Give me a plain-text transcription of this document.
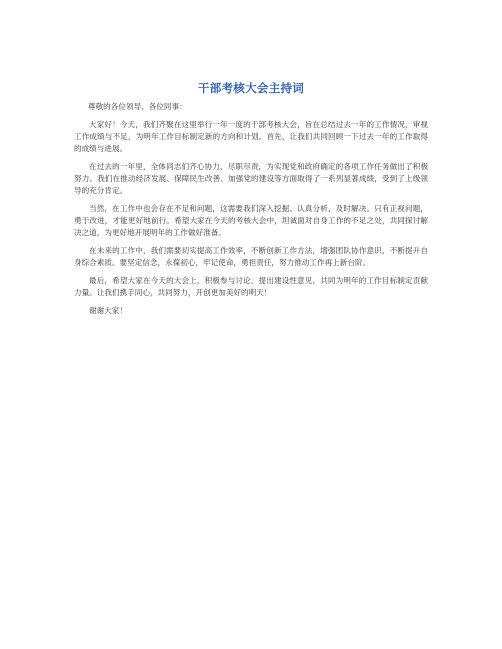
干部考核大会主持词

尊敬的各位领导、各位同事：

大家好！今天，我们齐聚在这里举行一年一度的干部考核大会，旨在总结过去一年的工作情况，审视工作成绩与不足，为明年工作目标制定新的方向和计划。首先，让我们共同回顾一下过去一年的工作取得的成绩与进展。

在过去的一年里，全体同志们齐心协力，尽职尽责，为实现党和政府确定的各项工作任务做出了积极努力。我们在推动经济发展、保障民生改善、加强党的建设等方面取得了一系列显著成绩，受到了上级领导的充分肯定。

当然，在工作中也会存在不足和问题，这需要我们深入挖掘、认真分析、及时解决。只有正视问题，勇于改进，才能更好地前行。希望大家在今天的考核大会中，坦诚面对自身工作的不足之处，共同探讨解决之道，为更好地开展明年的工作做好准备。

在未来的工作中，我们需要切实提高工作效率，不断创新工作方法，增强团队协作意识，不断提升自身综合素质。要坚定信念，永葆初心，牢记使命，勇担责任，努力推动工作再上新台阶。

最后，希望大家在今天的大会上，积极参与讨论，提出建设性意见，共同为明年的工作目标制定贡献力量。让我们携手同心，共同努力，开创更加美好的明天！

谢谢大家！
